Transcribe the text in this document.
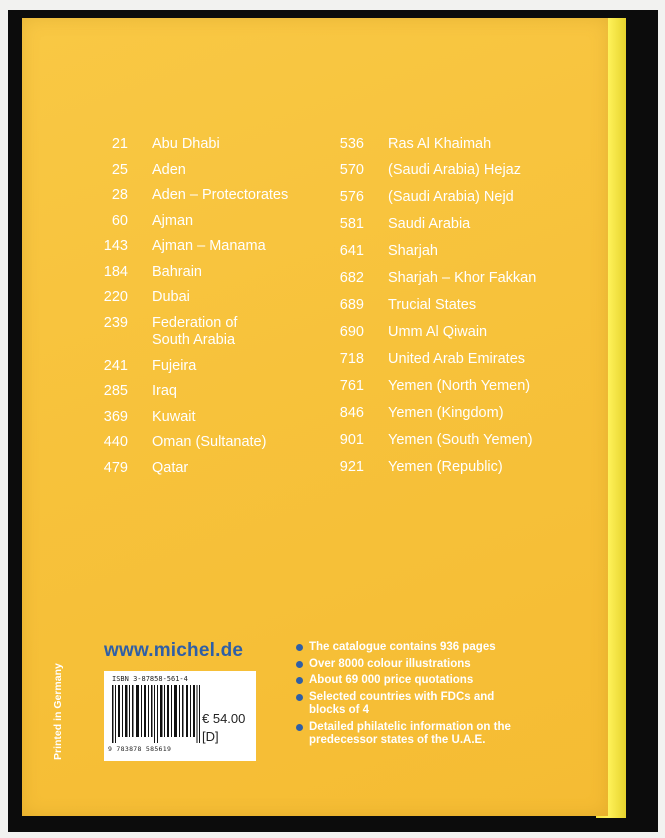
21 Abu Dhabi
25 Aden
28 Aden – Protectorates
60 Ajman
143 Ajman – Manama
184 Bahrain
220 Dubai
239 Federation of South Arabia
241 Fujeira
285 Iraq
369 Kuwait
440 Oman (Sultanate)
479 Qatar
536 Ras Al Khaimah
570 (Saudi Arabia) Hejaz
576 (Saudi Arabia) Nejd
581 Saudi Arabia
641 Sharjah
682 Sharjah – Khor Fakkan
689 Trucial States
690 Umm Al Qiwain
718 United Arab Emirates
761 Yemen (North Yemen)
846 Yemen (Kingdom)
901 Yemen (South Yemen)
921 Yemen (Republic)
www.michel.de
ISBN 3-87858-561-4
9 783878 585619
€ 54.00
[D]
Printed in Germany
The catalogue contains 936 pages
Over 8000 colour illustrations
About 69 000 price quotations
Selected countries with FDCs and blocks of 4
Detailed philatelic information on the predecessor states of the U.A.E.
